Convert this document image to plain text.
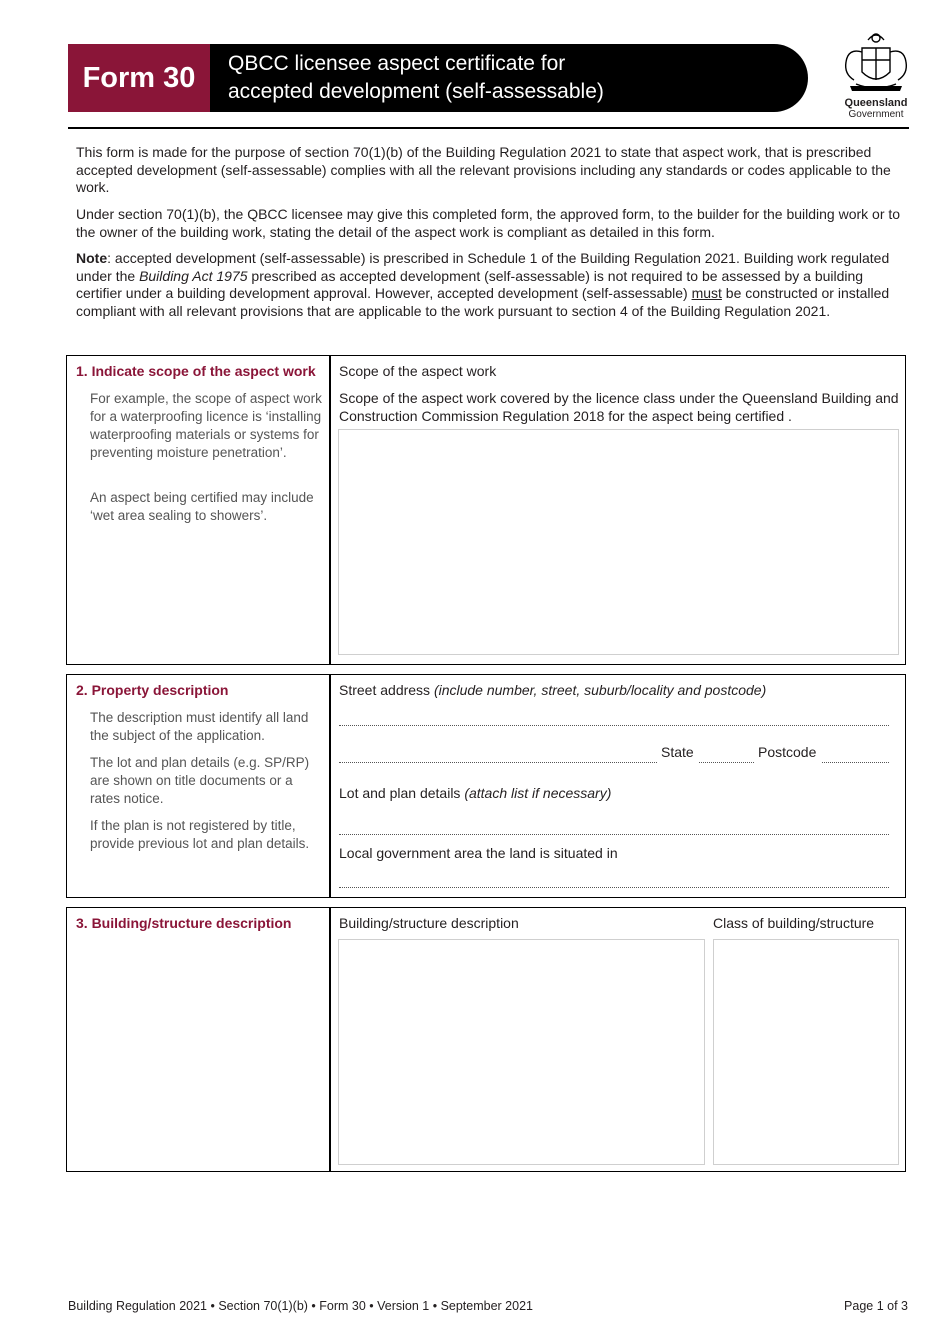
Form 30	QBCC licensee aspect certificate for
accepted development (self-assessable)	Queensland
Government
This form is made for the purpose of section 70(1)(b) of the Building Regulation 2021 to state that aspect work, that is prescribed accepted development (self-assessable) complies with all the relevant provisions including any standards or codes applicable to the work.
Under section 70(1)(b), the QBCC licensee may give this completed form, the approved form, to the builder for the building work or to the owner of the building work, stating the detail of the aspect work is compliant as detailed in this form.
Note: accepted development (self-assessable) is prescribed in Schedule 1 of the Building Regulation 2021. Building work regulated under the Building Act 1975 prescribed as accepted development (self-assessable) is not required to be assessed by a building certifier under a building development approval. However, accepted development (self-assessable) must be constructed or installed compliant with all relevant provisions that are applicable to the work pursuant to section 4 of the Building Regulation 2021.
1. Indicate scope of the aspect work
For example, the scope of aspect work for a waterproofing licence is ‘installing waterproofing materials or systems for preventing moisture penetration’.
An aspect being certified may include ‘wet area sealing to showers’.
Scope of the aspect work
Scope of the aspect work covered by the licence class under the Queensland Building and Construction Commission Regulation 2018 for the aspect being certified .
2. Property description
The description must identify all land the subject of the application.
The lot and plan details (e.g. SP/RP) are shown on title documents or a rates notice.
If the plan is not registered by title, provide previous lot and plan details.
Street address (include number, street, suburb/locality and postcode)
State	Postcode
Lot and plan details (attach list if necessary)
Local government area the land is situated in
3. Building/structure description	Building/structure description	Class of building/structure
Building Regulation 2021 • Section 70(1)(b) • Form 30 • Version 1 • September 2021	Page 1 of 3
